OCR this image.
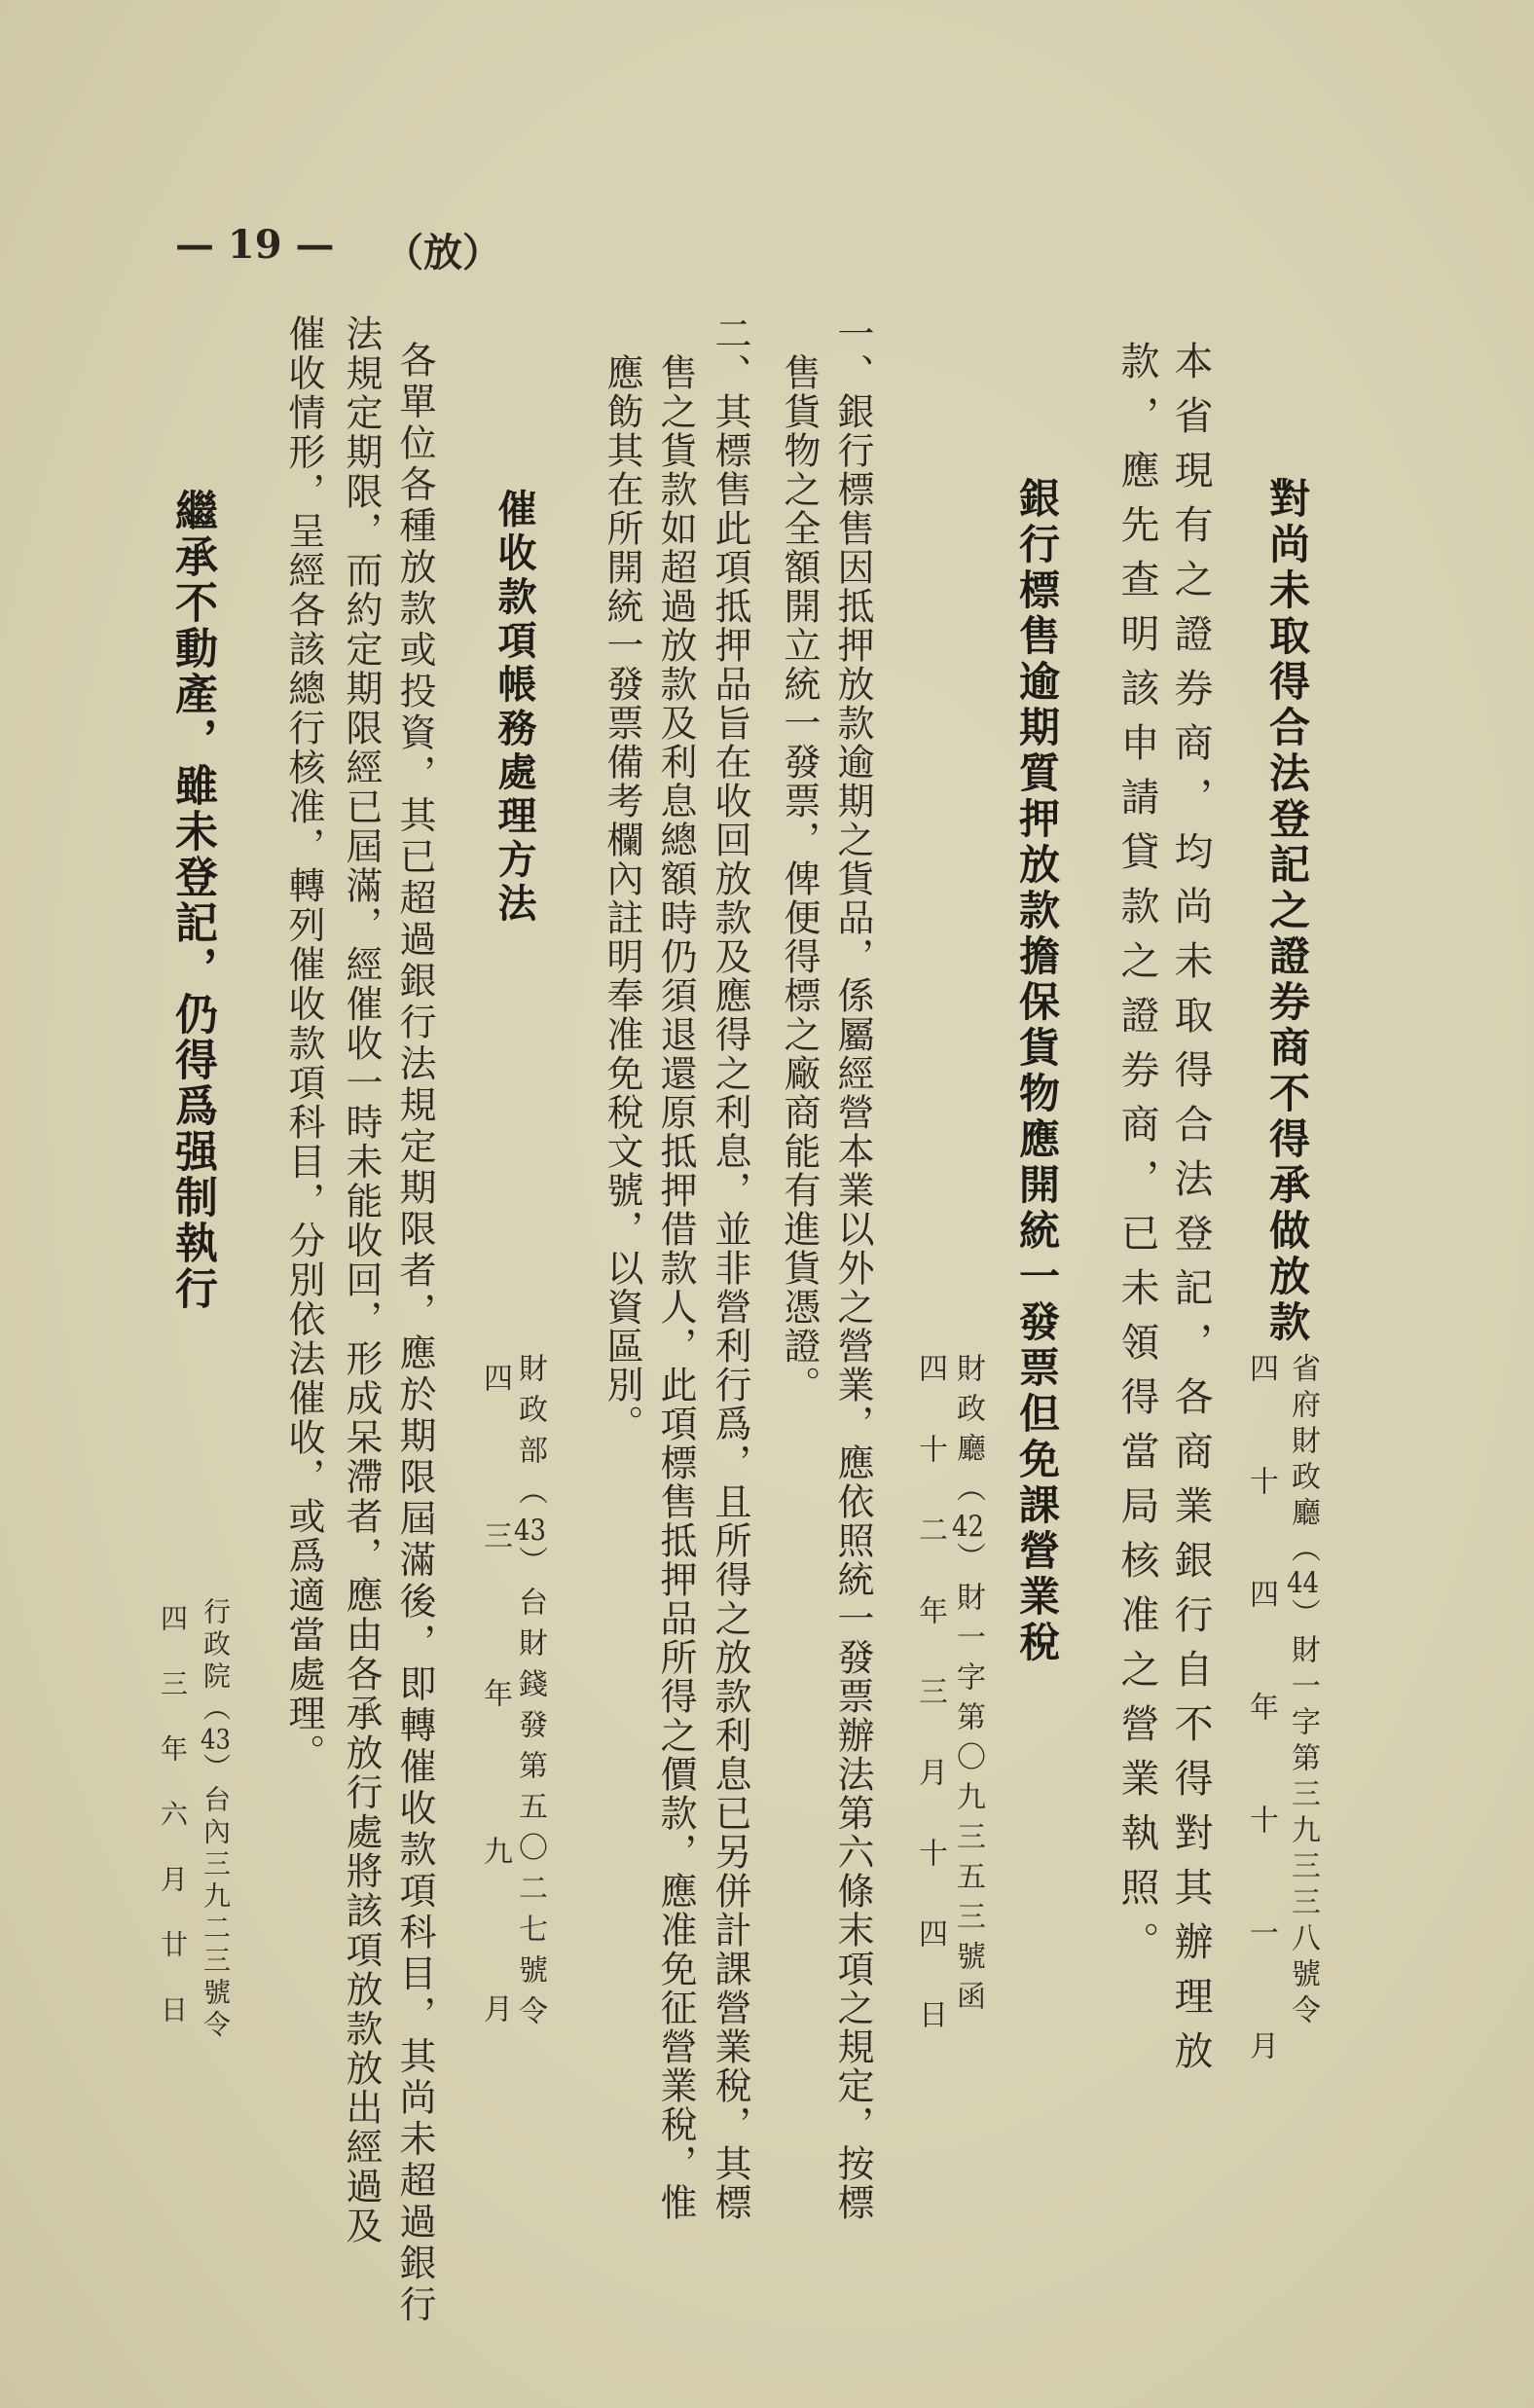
— 19 — （放）
對尚未取得合法登記之證券商不得承做放款
省府財政廳（44）財一字第三九三三八號令
四十四年十一月
本省現有之證券商，均尚未取得合法登記，各商業銀行自不得對其辦理放
款，應先查明該申請貸款之證券商，已未領得當局核准之營業執照。
銀行標售逾期質押放款擔保貨物應開統一發票但免課營業稅
財政廳（42）財一字第〇九三五三號函
四十二年三月十四日
一、銀行標售因抵押放款逾期之貨品，係屬經營本業以外之營業，應依照統一發票辦法第六條末項之規定，按標
售貨物之全額開立統一發票，俾便得標之廠商能有進貨憑證。
二、其標售此項抵押品旨在收回放款及應得之利息，並非營利行爲，且所得之放款利息已另併計課營業稅，其標
售之貨款如超過放款及利息總額時仍須退還原抵押借款人，此項標售抵押品所得之價款，應准免征營業稅，惟
應飭其在所開統一發票備考欄內註明奉准免稅文號，以資區別。
催收款項帳務處理方法
財政部（43）台財錢發第五〇二七號令
四三年九月
各單位各種放款或投資，其已超過銀行法規定期限者，應於期限屆滿後，即轉催收款項科目，其尚未超過銀行
法規定期限，而約定期限經已屆滿，經催收一時未能收回，形成呆滯者，應由各承放行處將該項放款放出經過及
催收情形，呈經各該總行核准，轉列催收款項科目，分別依法催收，或爲適當處理。
行政院（43）台內三九二三號令
四三年六月廿日
繼承不動產，雖未登記，仍得爲强制執行
